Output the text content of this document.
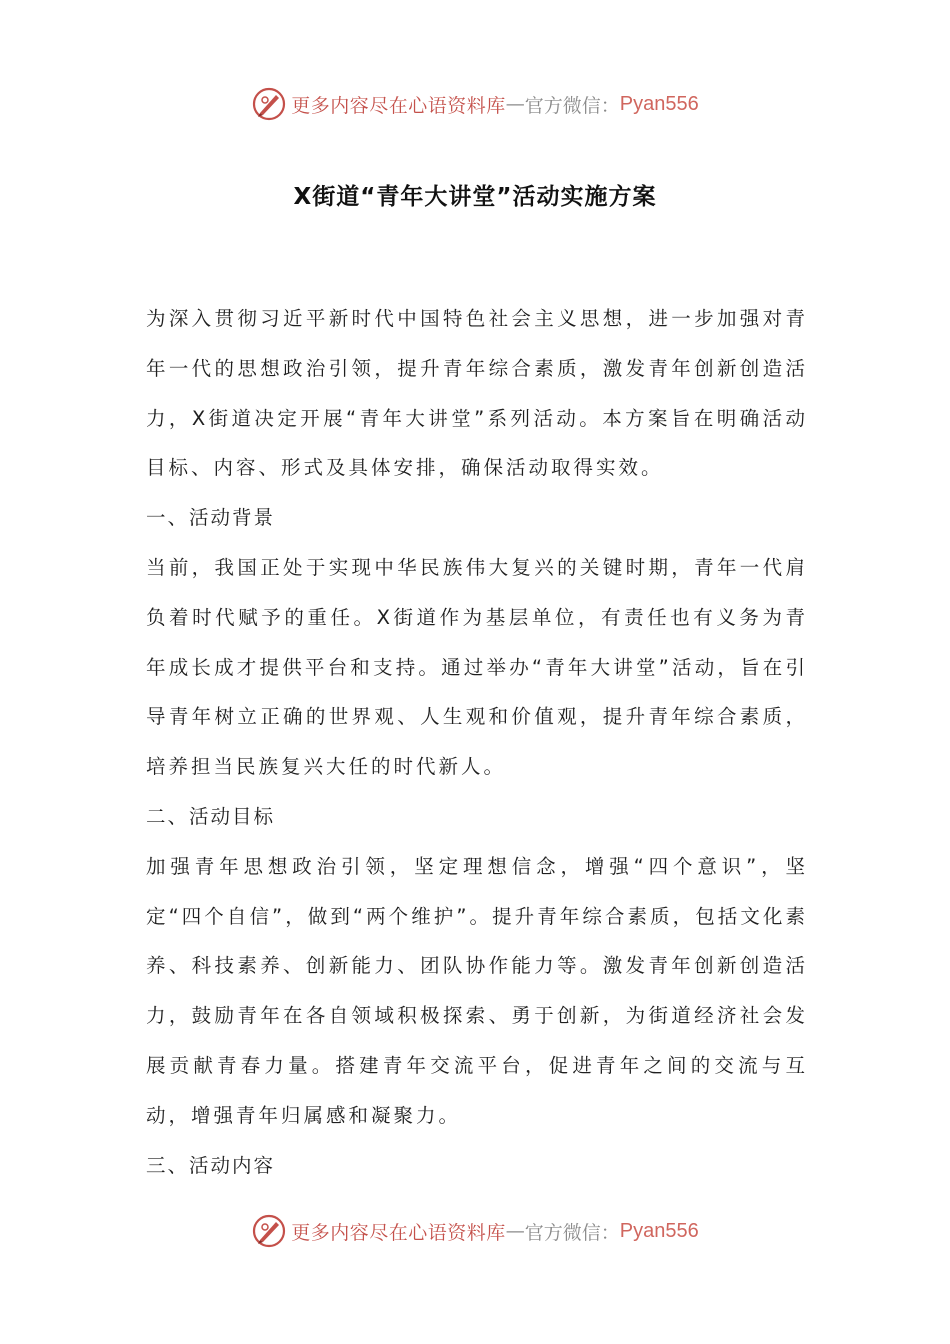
更多内容尽在心语资料库 — 官方微信： Pyan556
X街道“青年大讲堂”活动实施方案

为深入贯彻习近平新时代中国特色社会主义思想，进一步加强对青年一代的思想政治引领，提升青年综合素质，激发青年创新创造活力，X街道决定开展“青年大讲堂”系列活动。本方案旨在明确活动目标、内容、形式及具体安排，确保活动取得实效。

一、活动背景

当前，我国正处于实现中华民族伟大复兴的关键时期，青年一代肩负着时代赋予的重任。X街道作为基层单位，有责任也有义务为青年成长成才提供平台和支持。通过举办“青年大讲堂”活动，旨在引导青年树立正确的世界观、人生观和价值观，提升青年综合素质，培养担当民族复兴大任的时代新人。

二、活动目标

加强青年思想政治引领，坚定理想信念，增强“四个意识”，坚定“四个自信”，做到“两个维护”。提升青年综合素质，包括文化素养、科技素养、创新能力、团队协作能力等。激发青年创新创造活力，鼓励青年在各自领域积极探索、勇于创新，为街道经济社会发展贡献青春力量。搭建青年交流平台，促进青年之间的交流与互动，增强青年归属感和凝聚力。

三、活动内容

更多内容尽在心语资料库 — 官方微信： Pyan556
